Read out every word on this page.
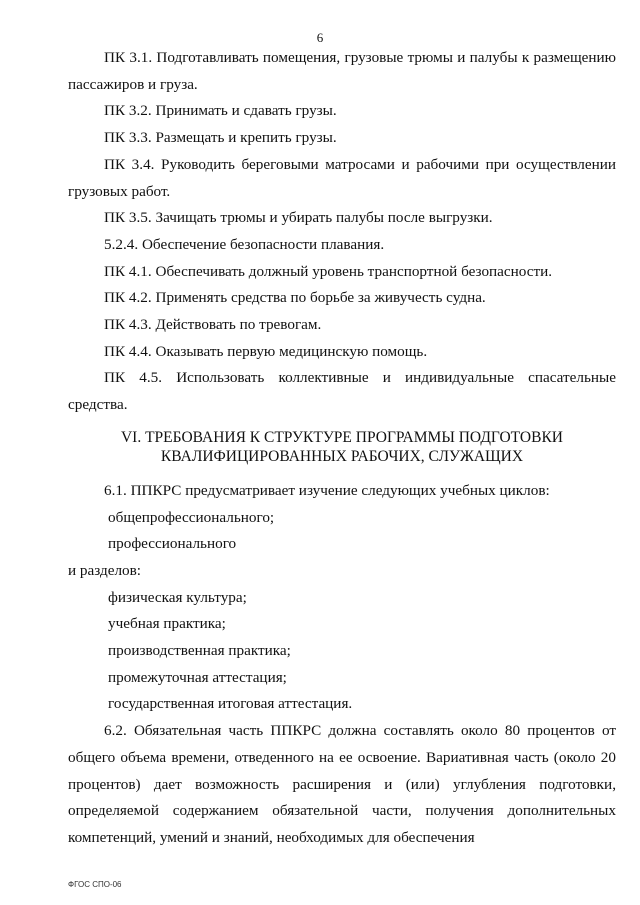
6

ПК 3.1. Подготавливать помещения, грузовые трюмы и палубы к размещению пассажиров и груза.

ПК 3.2. Принимать и сдавать грузы.

ПК 3.3. Размещать и крепить грузы.

ПК 3.4. Руководить береговыми матросами и рабочими при осуществлении грузовых работ.

ПК 3.5. Зачищать трюмы и убирать палубы после выгрузки.

5.2.4. Обеспечение безопасности плавания.

ПК 4.1. Обеспечивать должный уровень транспортной безопасности.

ПК 4.2. Применять средства по борьбе за живучесть судна.

ПК 4.3. Действовать по тревогам.

ПК 4.4. Оказывать первую медицинскую помощь.

ПК 4.5. Использовать коллективные и индивидуальные спасательные средства.

VI. ТРЕБОВАНИЯ К СТРУКТУРЕ ПРОГРАММЫ ПОДГОТОВКИ
КВАЛИФИЦИРОВАННЫХ РАБОЧИХ, СЛУЖАЩИХ

6.1. ППКРС предусматривает изучение следующих учебных циклов:

общепрофессионального;

профессионального

и разделов:

физическая культура;

учебная практика;

производственная практика;

промежуточная аттестация;

государственная итоговая аттестация.

6.2. Обязательная часть ППКРС должна составлять около 80 процентов от общего объема времени, отведенного на ее освоение. Вариативная часть (около 20 процентов) дает возможность расширения и (или) углубления подготовки, определяемой содержанием обязательной части, получения дополнительных компетенций, умений и знаний, необходимых для обеспечения

ФГОС СПО-06
